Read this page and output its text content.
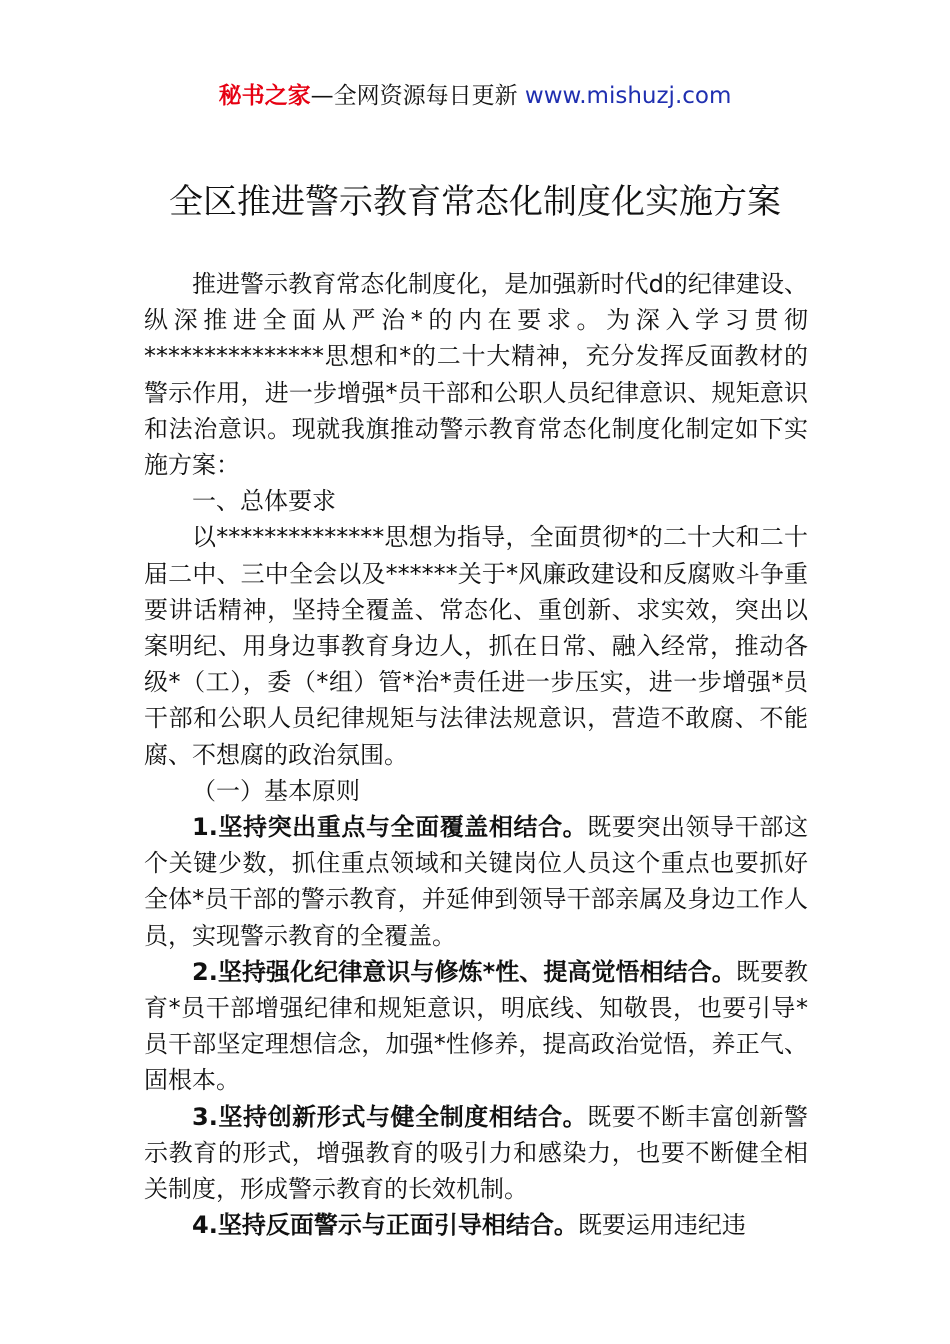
秘书之家—全网资源每日更新 www.mishuzj.com
全区推进警示教育常态化制度化实施方案

推进警示教育常态化制度化，是加强新时代d的纪律建设、纵深推进全面从严治*的内在要求。为深入学习贯彻***************思想和*的二十大精神，充分发挥反面教材的警示作用，进一步增强*员干部和公职人员纪律意识、规矩意识和法治意识。现就我旗推动警示教育常态化制度化制定如下实施方案：

一、总体要求

以**************思想为指导，全面贯彻*的二十大和二十届二中、三中全会以及******关于*风廉政建设和反腐败斗争重要讲话精神，坚持全覆盖、常态化、重创新、求实效，突出以案明纪、用身边事教育身边人，抓在日常、融入经常，推动各级*（工），委（*组）管*治*责任进一步压实，进一步增强*员干部和公职人员纪律规矩与法律法规意识，营造不敢腐、不能腐、不想腐的政治氛围。

（一）基本原则

1.坚持突出重点与全面覆盖相结合。既要突出领导干部这个关键少数，抓住重点领域和关键岗位人员这个重点也要抓好全体*员干部的警示教育，并延伸到领导干部亲属及身边工作人员，实现警示教育的全覆盖。

2.坚持强化纪律意识与修炼*性、提高觉悟相结合。既要教育*员干部增强纪律和规矩意识，明底线、知敬畏，也要引导*员干部坚定理想信念，加强*性修养，提高政治觉悟，养正气、固根本。

3.坚持创新形式与健全制度相结合。既要不断丰富创新警示教育的形式，增强教育的吸引力和感染力，也要不断健全相关制度，形成警示教育的长效机制。

4.坚持反面警示与正面引导相结合。既要运用违纪违
